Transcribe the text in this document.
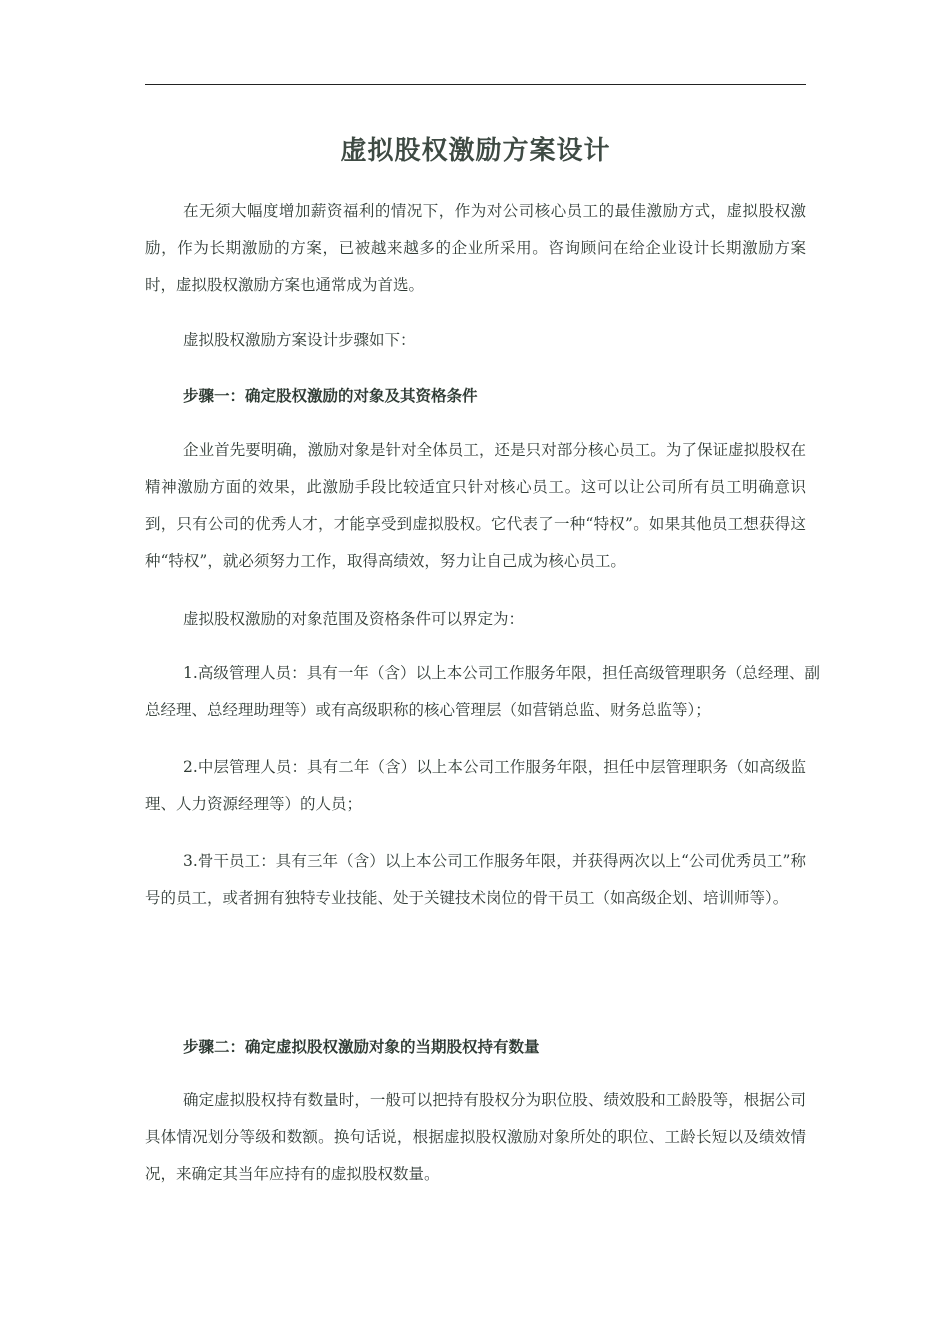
虚拟股权激励方案设计

在无须大幅度增加薪资福利的情况下，作为对公司核心员工的最佳激励方式，虚拟股权激励，作为长期激励的方案，已被越来越多的企业所采用。咨询顾问在给企业设计长期激励方案时，虚拟股权激励方案也通常成为首选。

虚拟股权激励方案设计步骤如下：

步骤一：确定股权激励的对象及其资格条件

企业首先要明确，激励对象是针对全体员工，还是只对部分核心员工。为了保证虚拟股权在精神激励方面的效果，此激励手段比较适宜只针对核心员工。这可以让公司所有员工明确意识到，只有公司的优秀人才，才能享受到虚拟股权。它代表了一种“特权”。如果其他员工想获得这种“特权”，就必须努力工作，取得高绩效，努力让自己成为核心员工。

虚拟股权激励的对象范围及资格条件可以界定为：

1.高级管理人员：具有一年（含）以上本公司工作服务年限，担任高级管理职务（总经理、副总经理、总经理助理等）或有高级职称的核心管理层（如营销总监、财务总监等）；

2.中层管理人员：具有二年（含）以上本公司工作服务年限，担任中层管理职务（如高级监理、人力资源经理等）的人员；

3.骨干员工：具有三年（含）以上本公司工作服务年限，并获得两次以上“公司优秀员工”称号的员工，或者拥有独特专业技能、处于关键技术岗位的骨干员工（如高级企划、培训师等）。

步骤二：确定虚拟股权激励对象的当期股权持有数量

确定虚拟股权持有数量时，一般可以把持有股权分为职位股、绩效股和工龄股等，根据公司具体情况划分等级和数额。换句话说，根据虚拟股权激励对象所处的职位、工龄长短以及绩效情况，来确定其当年应持有的虚拟股权数量。
